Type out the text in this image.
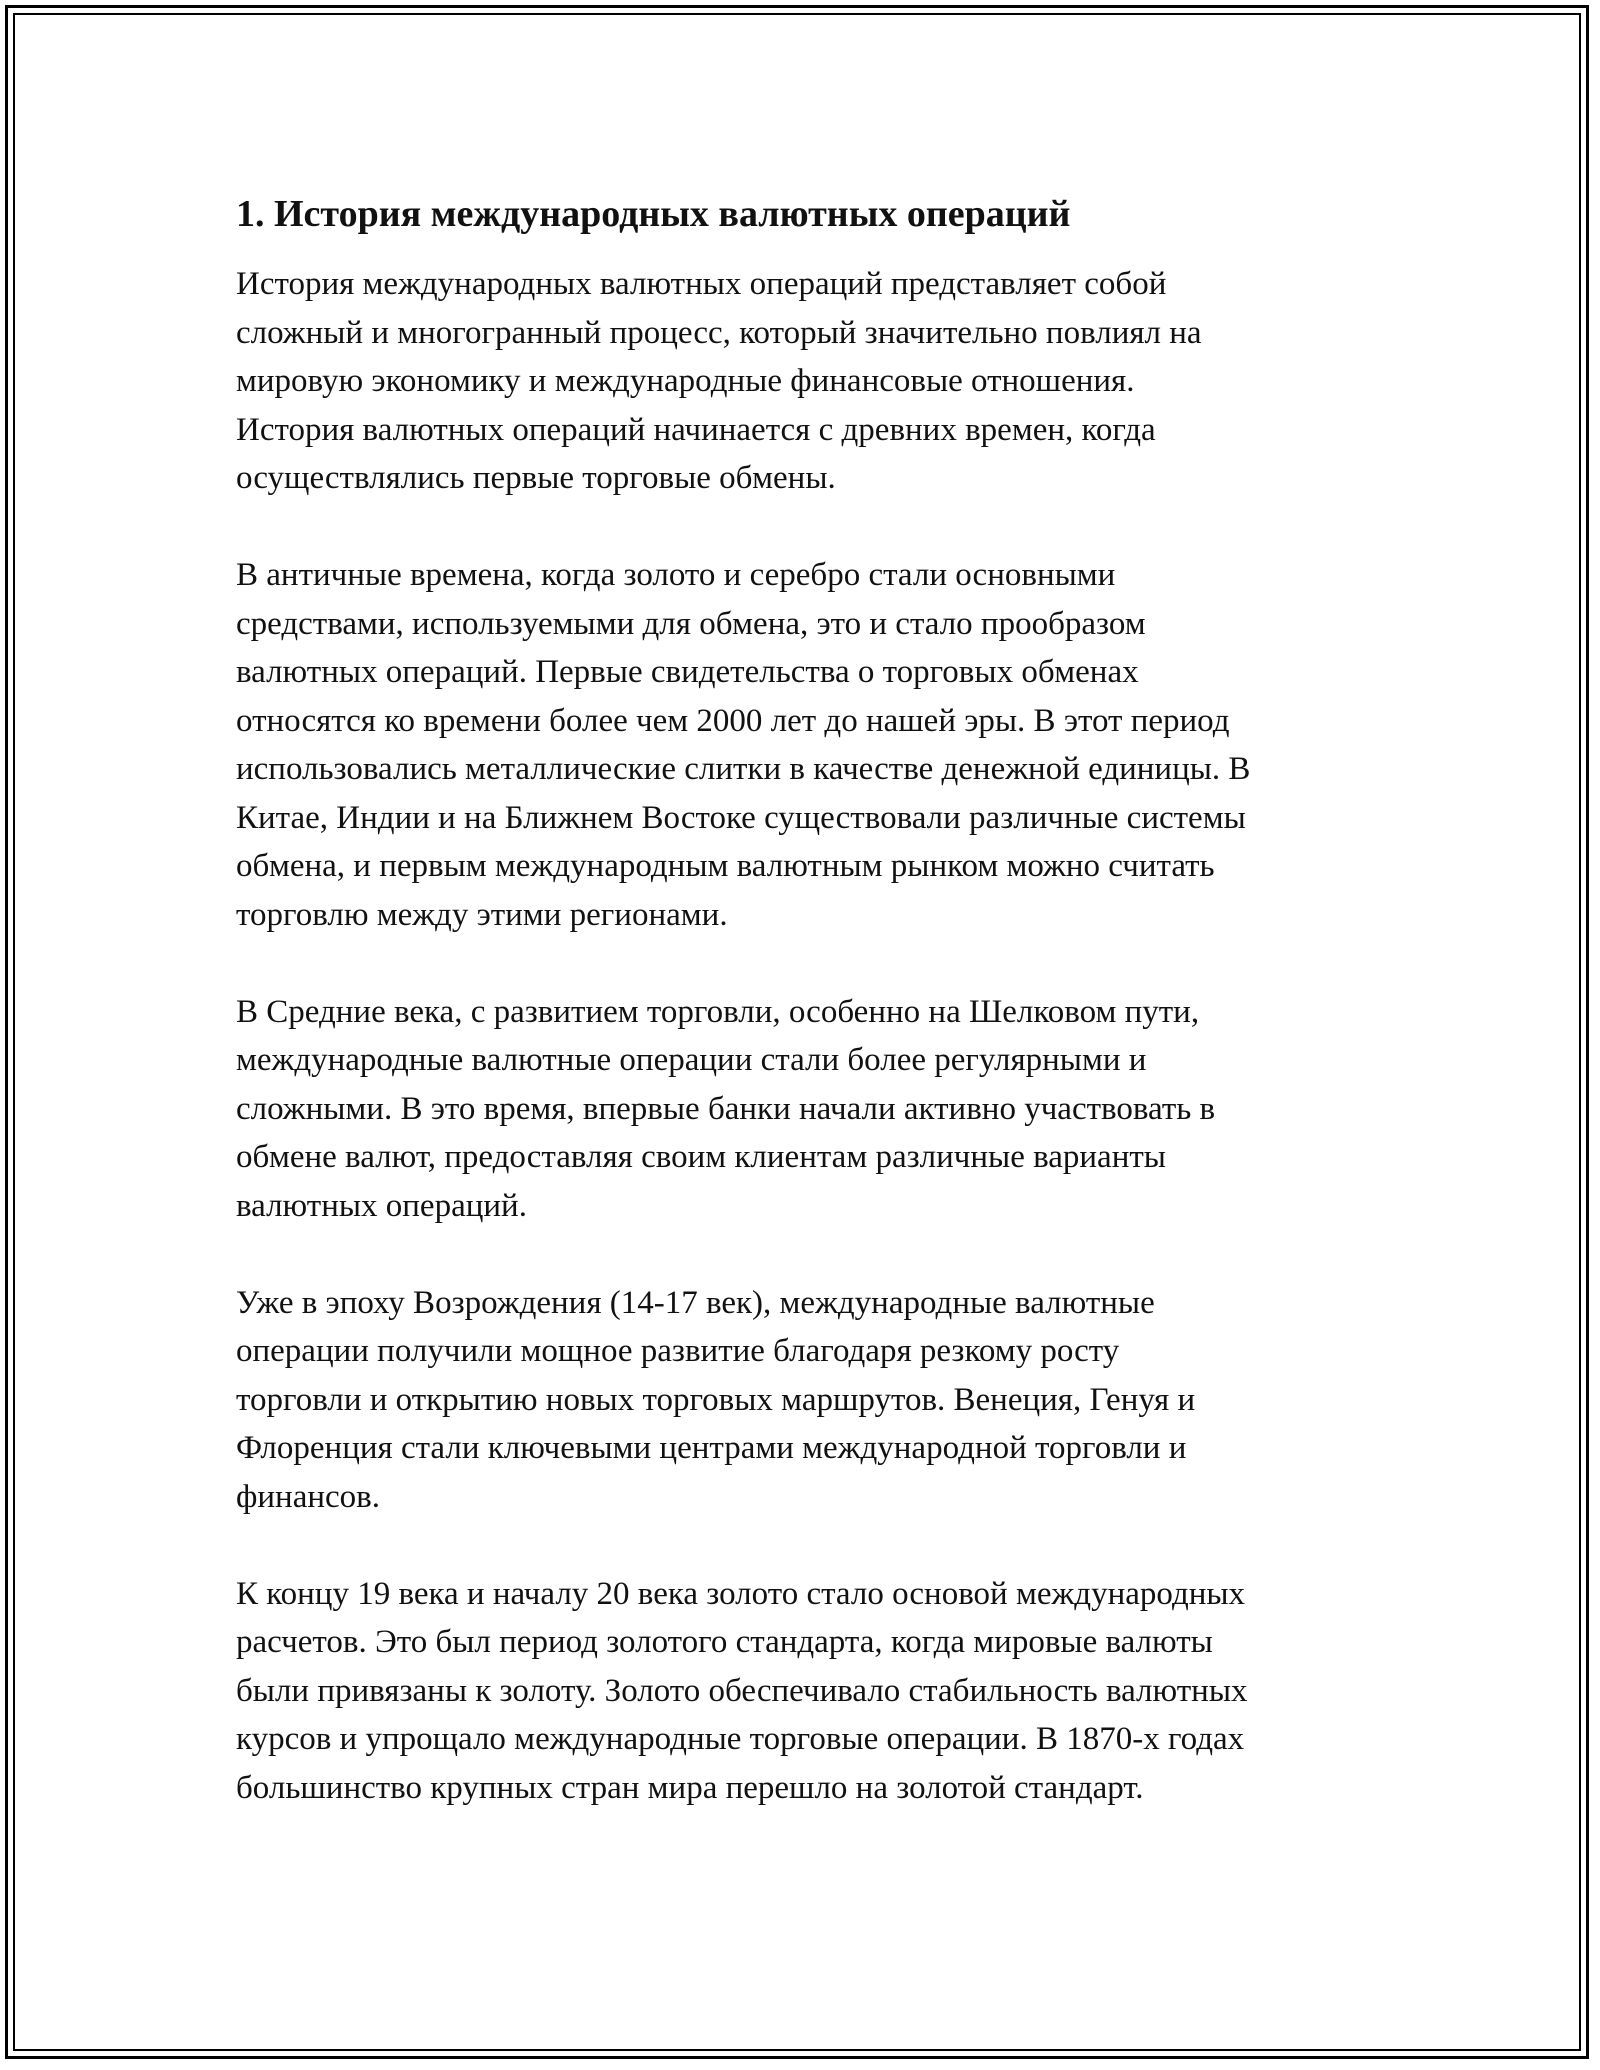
1. История международных валютных операций
История международных валютных операций представляет собой
сложный и многогранный процесс, который значительно повлиял на
мировую экономику и международные финансовые отношения.
История валютных операций начинается с древних времен, когда
осуществлялись первые торговые обмены.
В античные времена, когда золото и серебро стали основными
средствами, используемыми для обмена, это и стало прообразом
валютных операций. Первые свидетельства о торговых обменах
относятся ко времени более чем 2000 лет до нашей эры. В этот период
использовались металлические слитки в качестве денежной единицы. В
Китае, Индии и на Ближнем Востоке существовали различные системы
обмена, и первым международным валютным рынком можно считать
торговлю между этими регионами.
В Средние века, с развитием торговли, особенно на Шелковом пути,
международные валютные операции стали более регулярными и
сложными. В это время, впервые банки начали активно участвовать в
обмене валют, предоставляя своим клиентам различные варианты
валютных операций.
Уже в эпоху Возрождения (14-17 век), международные валютные
операции получили мощное развитие благодаря резкому росту
торговли и открытию новых торговых маршрутов. Венеция, Генуя и
Флоренция стали ключевыми центрами международной торговли и
финансов.
К концу 19 века и началу 20 века золото стало основой международных
расчетов. Это был период золотого стандарта, когда мировые валюты
были привязаны к золоту. Золото обеспечивало стабильность валютных
курсов и упрощало международные торговые операции. В 1870-х годах
большинство крупных стран мира перешло на золотой стандарт.
